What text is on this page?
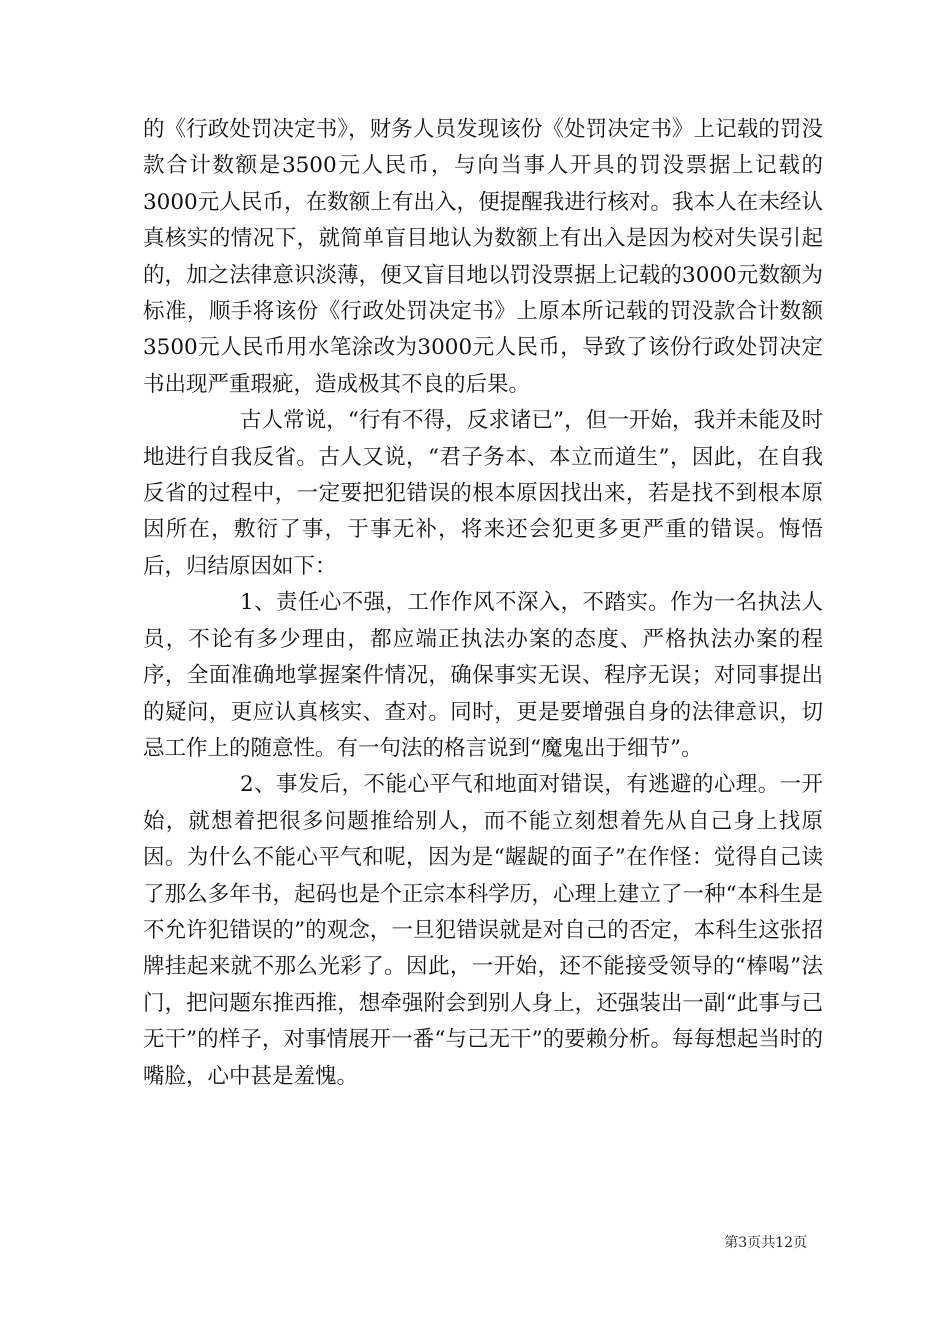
的《行政处罚决定书》，财务人员发现该份《处罚决定书》上记载的罚没款合计数额是3500元人民币，与向当事人开具的罚没票据上记载的3000元人民币，在数额上有出入，便提醒我进行核对。我本人在未经认真核实的情况下，就简单盲目地认为数额上有出入是因为校对失误引起的，加之法律意识淡薄，便又盲目地以罚没票据上记载的3000元数额为标准，顺手将该份《行政处罚决定书》上原本所记载的罚没款合计数额3500元人民币用水笔涂改为3000元人民币，导致了该份行政处罚决定书出现严重瑕疵，造成极其不良的后果。

古人常说，“行有不得，反求诸已”，但一开始，我并未能及时地进行自我反省。古人又说，“君子务本、本立而道生”，因此，在自我反省的过程中，一定要把犯错误的根本原因找出来，若是找不到根本原因所在，敷衍了事，于事无补，将来还会犯更多更严重的错误。悔悟后，归结原因如下：

1、责任心不强，工作作风不深入，不踏实。作为一名执法人员，不论有多少理由，都应端正执法办案的态度、严格执法办案的程序，全面准确地掌握案件情况，确保事实无误、程序无误；对同事提出的疑问，更应认真核实、查对。同时，更是要增强自身的法律意识，切忌工作上的随意性。有一句法的格言说到“魔鬼出于细节”。

2、事发后，不能心平气和地面对错误，有逃避的心理。一开始，就想着把很多问题推给别人，而不能立刻想着先从自己身上找原因。为什么不能心平气和呢，因为是“龌龊的面子”在作怪：觉得自己读了那么多年书，起码也是个正宗本科学历，心理上建立了一种“本科生是不允许犯错误的”的观念，一旦犯错误就是对自己的否定，本科生这张招牌挂起来就不那么光彩了。因此，一开始，还不能接受领导的“棒喝”法门，把问题东推西推，想牵强附会到别人身上，还强装出一副“此事与己无干”的样子，对事情展开一番“与己无干”的要赖分析。每每想起当时的嘴脸，心中甚是羞愧。

第3页共12页
